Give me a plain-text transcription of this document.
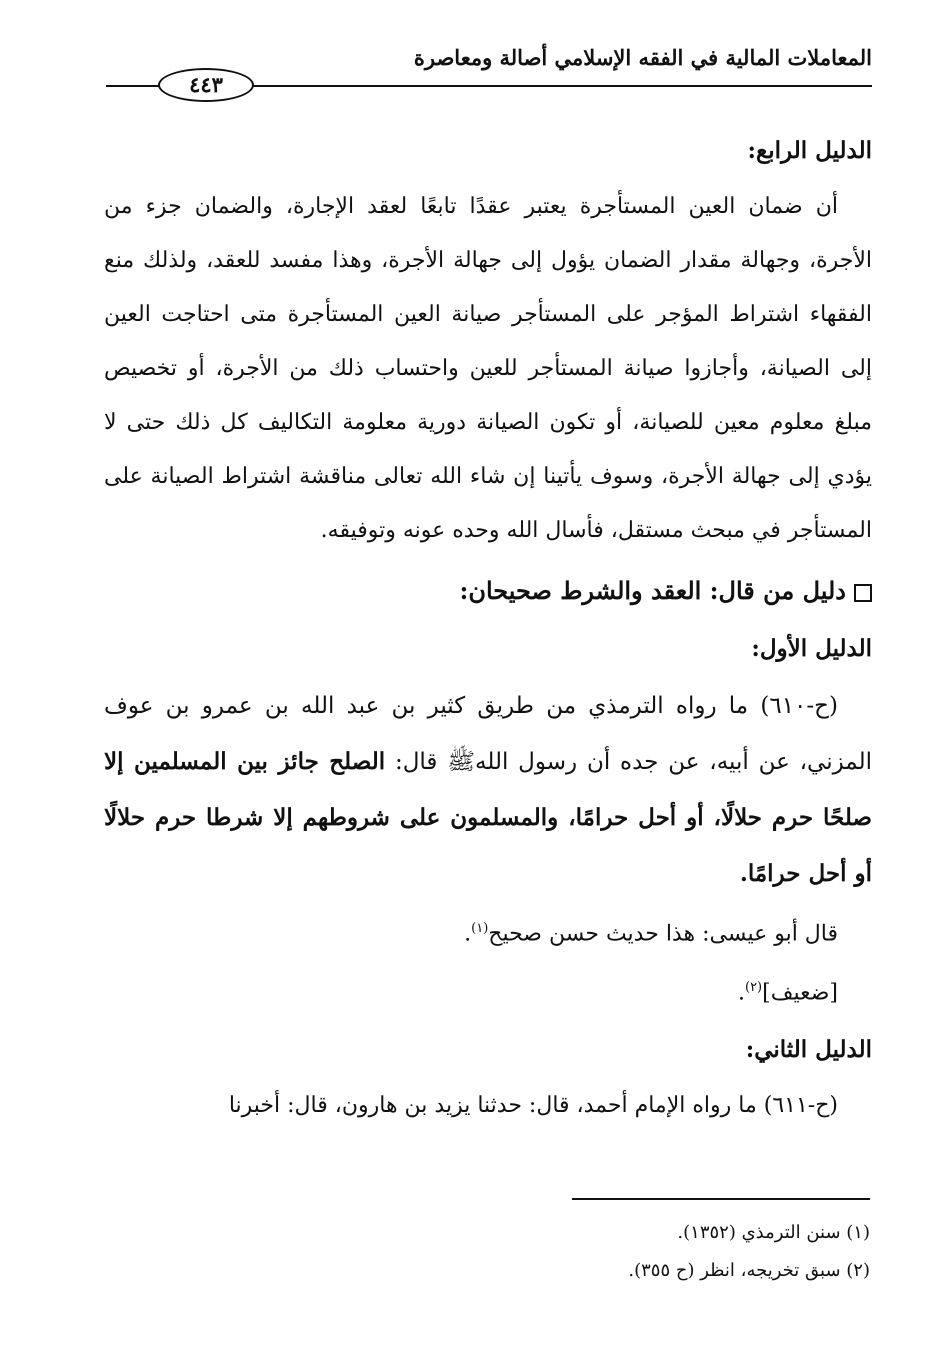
المعاملات المالية في الفقه الإسلامي أصالة ومعاصرة
٤٤٣
الدليل الرابع:
أن ضمان العين المستأجرة يعتبر عقدًا تابعًا لعقد الإجارة، والضمان جزء من الأجرة، وجهالة مقدار الضمان يؤول إلى جهالة الأجرة، وهذا مفسد للعقد، ولذلك منع الفقهاء اشتراط المؤجر على المستأجر صيانة العين المستأجرة متى احتاجت العين إلى الصيانة، وأجازوا صيانة المستأجر للعين واحتساب ذلك من الأجرة، أو تخصيص مبلغ معلوم معين للصيانة، أو تكون الصيانة دورية معلومة التكاليف كل ذلك حتى لا يؤدي إلى جهالة الأجرة، وسوف يأتينا إن شاء الله تعالى مناقشة اشتراط الصيانة على المستأجر في مبحث مستقل، فأسال الله وحده عونه وتوفيقه.
دليل من قال: العقد والشرط صحيحان:
الدليل الأول:
(ح-٦١٠) ما رواه الترمذي من طريق كثير بن عبد الله بن عمرو بن عوف المزني، عن أبيه، عن جده أن رسول اللهﷺ قال: الصلح جائز بين المسلمين إلا صلحًا حرم حلالًا، أو أحل حرامًا، والمسلمون على شروطهم إلا شرطا حرم حلالًا أو أحل حرامًا.
قال أبو عيسى: هذا حديث حسن صحيح$^{(١)}$.
[ضعيف]$^{(٢)}$.
الدليل الثاني:
(ح-٦١١) ما رواه الإمام أحمد، قال: حدثنا يزيد بن هارون، قال: أخبرنا
(١) سنن الترمذي (١٣٥٢).
(٢) سبق تخريجه، انظر (ح ٣٥٥).
